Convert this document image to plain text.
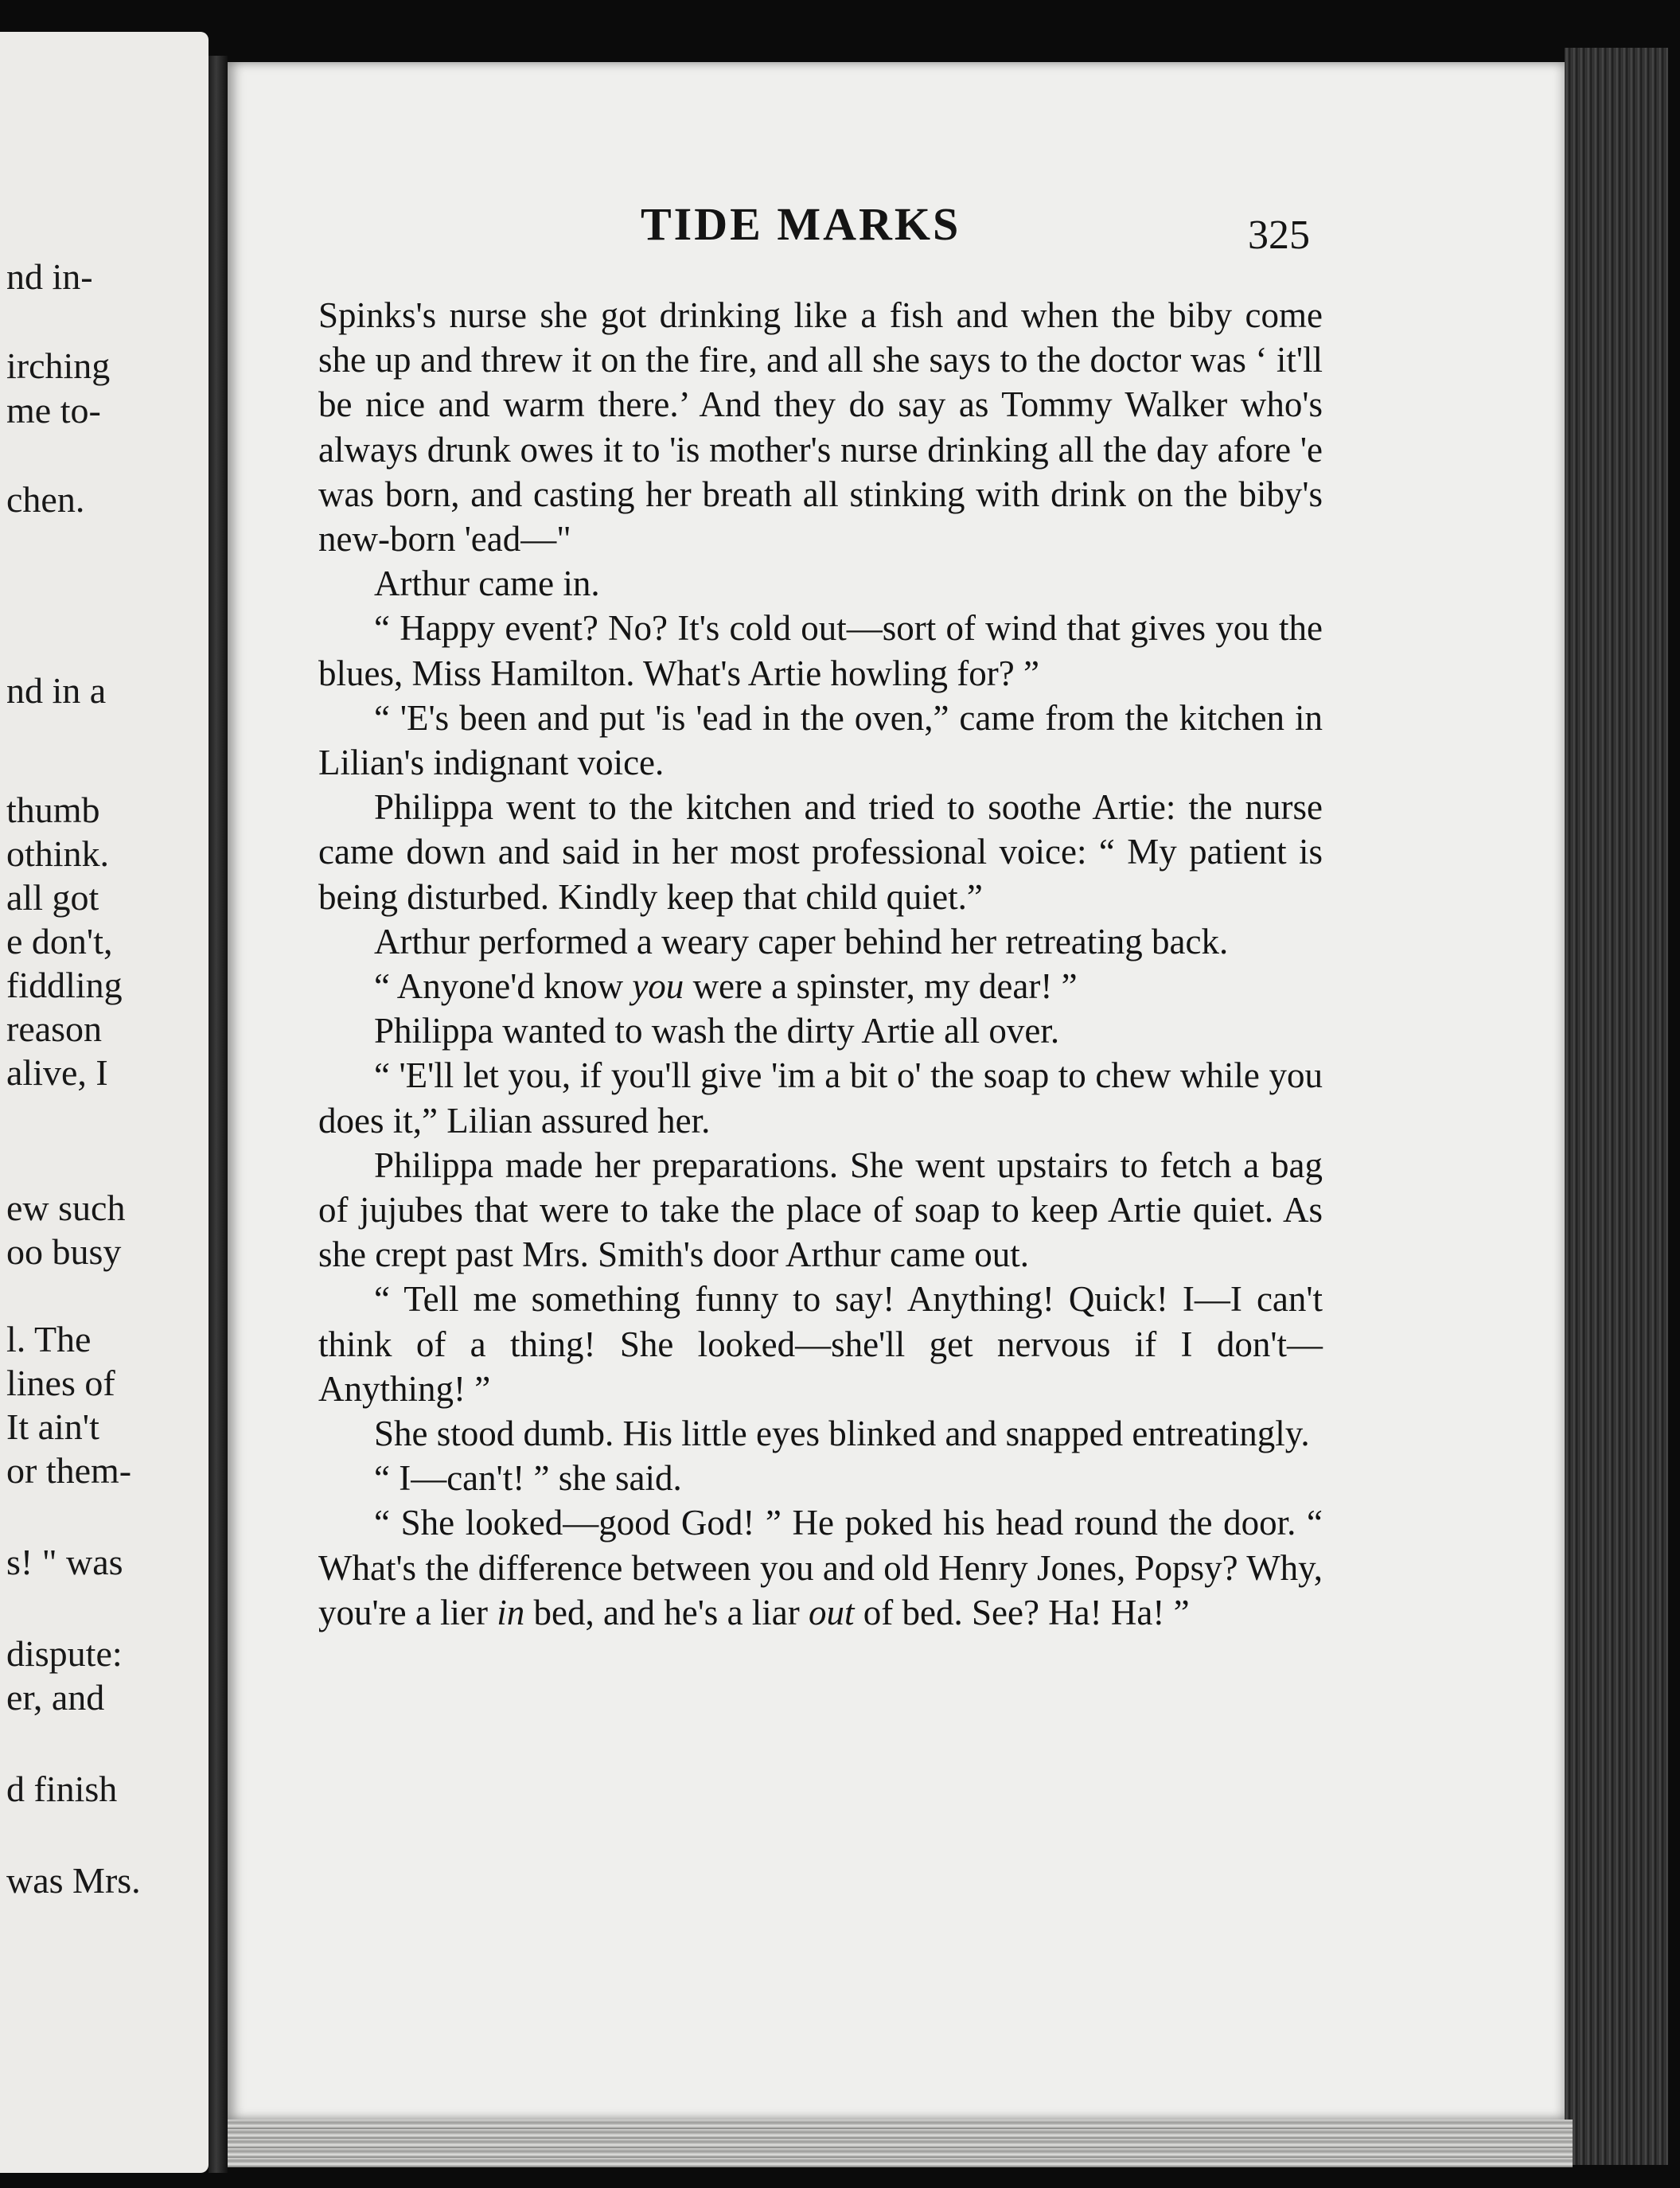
nd in-
irching
me to-
chen.
nd in a
thumb
othink.
all got
e don't,
fiddling
reason
alive, I
ew such
oo busy
l. The
lines of
It ain't
or them-
s! " was
dispute:
er, and
d finish
was Mrs.
TIDE MARKS	325

Spinks's nurse she got drinking like a fish and when the biby come she up and threw it on the fire, and all she says to the doctor was ‘ it'll be nice and warm there.’ And they do say as Tommy Walker who's always drunk owes it to 'is mother's nurse drinking all the day afore 'e was born, and casting her breath all stinking with drink on the biby's new-born 'ead—"

Arthur came in.

“ Happy event? No? It's cold out—sort of wind that gives you the blues, Miss Hamilton. What's Artie howling for? ”

“ 'E's been and put 'is 'ead in the oven,” came from the kitchen in Lilian's indignant voice.

Philippa went to the kitchen and tried to soothe Artie: the nurse came down and said in her most professional voice: “ My patient is being disturbed. Kindly keep that child quiet.”

Arthur performed a weary caper behind her retreating back.

“ Anyone'd know you were a spinster, my dear! ”

Philippa wanted to wash the dirty Artie all over.

“ 'E'll let you, if you'll give 'im a bit o' the soap to chew while you does it,” Lilian assured her.

Philippa made her preparations. She went upstairs to fetch a bag of jujubes that were to take the place of soap to keep Artie quiet. As she crept past Mrs. Smith's door Arthur came out.

“ Tell me something funny to say! Anything! Quick! I—I can't think of a thing! She looked—she'll get nervous if I don't— Anything! ”

She stood dumb. His little eyes blinked and snapped entreatingly.

“ I—can't! ” she said.

“ She looked—good God! ” He poked his head round the door. “ What's the difference between you and old Henry Jones, Popsy? Why, you're a lier in bed, and he's a liar out of bed. See? Ha! Ha! ”
